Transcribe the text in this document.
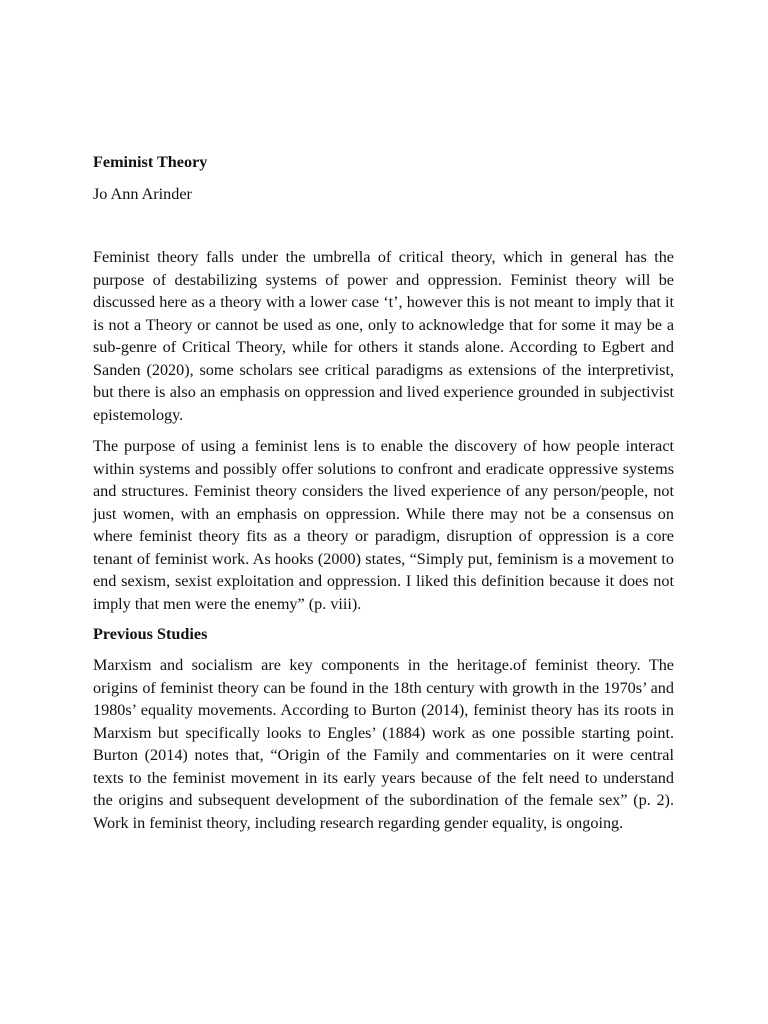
Feminist Theory

Jo Ann Arinder

Feminist theory falls under the umbrella of critical theory, which in general has the purpose of destabilizing systems of power and oppression. Feminist theory will be discussed here as a theory with a lower case ‘t’, however this is not meant to imply that it is not a Theory or cannot be used as one, only to acknowledge that for some it may be a sub-genre of Critical Theory, while for others it stands alone. According to Egbert and Sanden (2020), some scholars see critical paradigms as extensions of the interpretivist, but there is also an emphasis on oppression and lived experience grounded in subjectivist epistemology.

The purpose of using a feminist lens is to enable the discovery of how people interact within systems and possibly offer solutions to confront and eradicate oppressive systems and structures. Feminist theory considers the lived experience of any person/people, not just women, with an emphasis on oppression. While there may not be a consensus on where feminist theory fits as a theory or paradigm, disruption of oppression is a core tenant of feminist work. As hooks (2000) states, “Simply put, feminism is a movement to end sexism, sexist exploitation and oppression. I liked this definition because it does not imply that men were the enemy” (p. viii).

Previous Studies

Marxism and socialism are key components in the heritage.of feminist theory. The origins of feminist theory can be found in the 18th century with growth in the 1970s’ and 1980s’ equality movements. According to Burton (2014), feminist theory has its roots in Marxism but specifically looks to Engles’ (1884) work as one possible starting point. Burton (2014) notes that, “Origin of the Family and commentaries on it were central texts to the feminist movement in its early years because of the felt need to understand the origins and subsequent development of the subordination of the female sex” (p. 2). Work in feminist theory, including research regarding gender equality, is ongoing.
